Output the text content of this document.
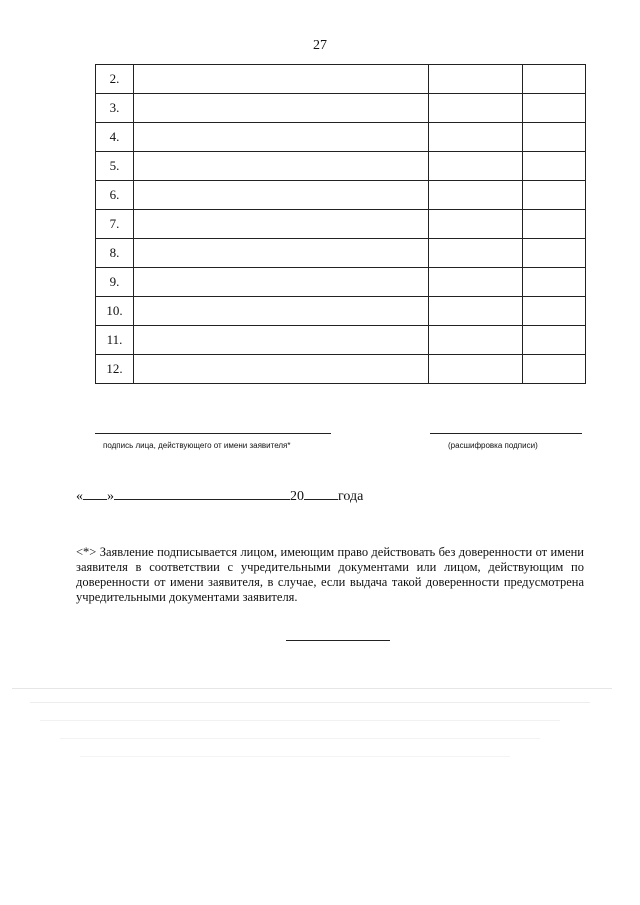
27
2.			
3.			
4.			
5.			
6.			
7.			
8.			
9.			
10.			
11.			
12.			
подпись лица, действующего от имени заявителя*	(расшифровка подписи)
« »	20 года
<*> Заявление подписывается лицом, имеющим право действовать без доверенности от имени заявителя в соответствии с учредительными документами или лицом, действующим по доверенности от имени заявителя, в случае, если выдача такой доверенности предусмотрена учредительными документами заявителя.
